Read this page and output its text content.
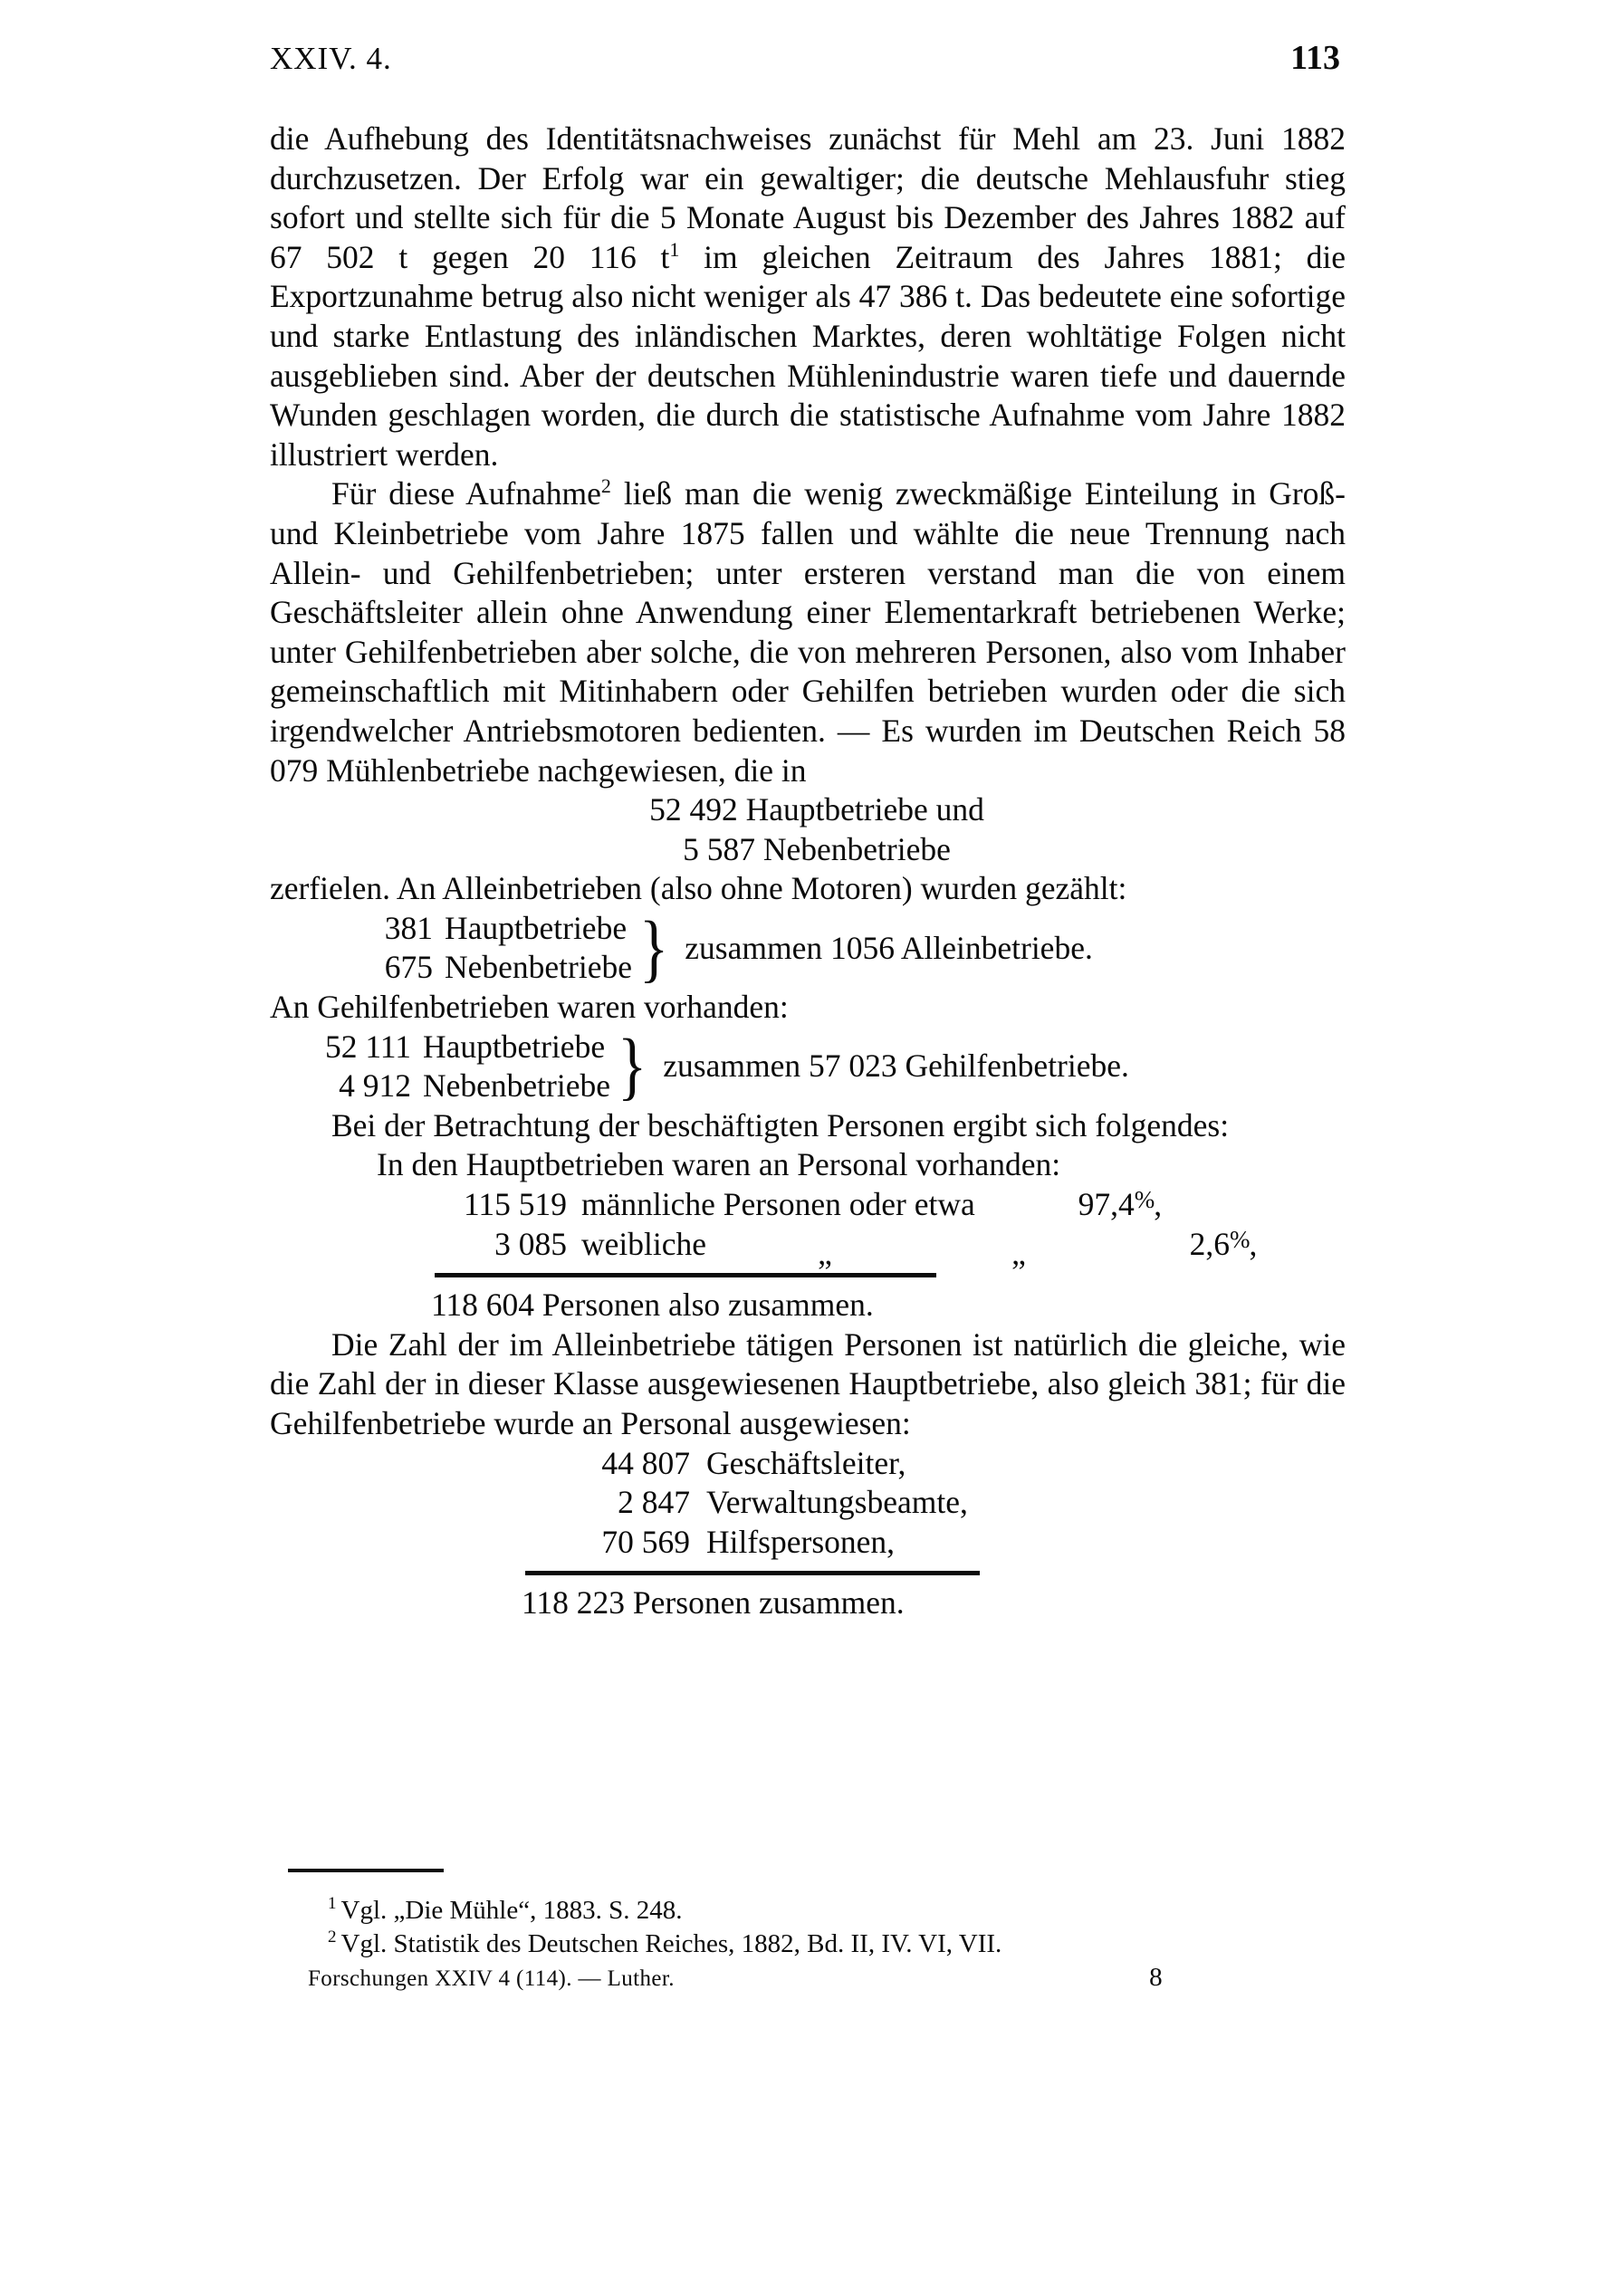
XXIV. 4.	113

die Aufhebung des Identitätsnachweises zunächst für Mehl am 23. Juni 1882 durchzusetzen. Der Erfolg war ein gewaltiger; die deutsche Mehlausfuhr stieg sofort und stellte sich für die 5 Monate August bis Dezember des Jahres 1882 auf 67 502 t gegen 20 116 t$^1$ im gleichen Zeitraum des Jahres 1881; die Exportzunahme betrug also nicht weniger als 47 386 t. Das bedeutete eine sofortige und starke Entlastung des inländischen Marktes, deren wohltätige Folgen nicht ausgeblieben sind. Aber der deutschen Mühlenindustrie waren tiefe und dauernde Wunden geschlagen worden, die durch die statistische Aufnahme vom Jahre 1882 illustriert werden.

Für diese Aufnahme$^2$ ließ man die wenig zweckmäßige Einteilung in Groß- und Kleinbetriebe vom Jahre 1875 fallen und wählte die neue Trennung nach Allein- und Gehilfenbetrieben; unter ersteren verstand man die von einem Geschäftsleiter allein ohne Anwendung einer Elementarkraft betriebenen Werke; unter Gehilfenbetrieben aber solche, die von mehreren Personen, also vom Inhaber gemeinschaftlich mit Mitinhabern oder Gehilfen betrieben wurden oder die sich irgendwelcher Antriebsmotoren bedienten. — Es wurden im Deutschen Reich 58 079 Mühlenbetriebe nachgewiesen, die in

52 492 Hauptbetriebe und

5 587 Nebenbetriebe

zerfielen. An Alleinbetrieben (also ohne Motoren) wurden gezählt:

381 Hauptbetriebe
675 Nebenbetriebe } zusammen 1056 Alleinbetriebe.

An Gehilfenbetrieben waren vorhanden:

52 111 Hauptbetriebe
4 912 Nebenbetriebe } zusammen 57 023 Gehilfenbetriebe.

Bei der Betrachtung der beschäftigten Personen ergibt sich folgendes:

In den Hauptbetrieben waren an Personal vorhanden:

115 519 männliche Personen oder etwa	97,4 % ,
3 085 weibliche	„	„	2,6 % ,

118 604 Personen also zusammen.

Die Zahl der im Alleinbetriebe tätigen Personen ist natürlich die gleiche, wie die Zahl der in dieser Klasse ausgewiesenen Hauptbetriebe, also gleich 381; für die Gehilfenbetriebe wurde an Personal ausgewiesen:

44 807 Geschäftsleiter,
2 847 Verwaltungsbeamte,
70 569 Hilfspersonen,

118 223 Personen zusammen.

$^1$ Vgl. „Die Mühle“, 1883. S. 248.

$^2$ Vgl. Statistik des Deutschen Reiches, 1882, Bd. II, IV. VI, VII.

Forschungen XXIV 4 (114). — Luther.	8
